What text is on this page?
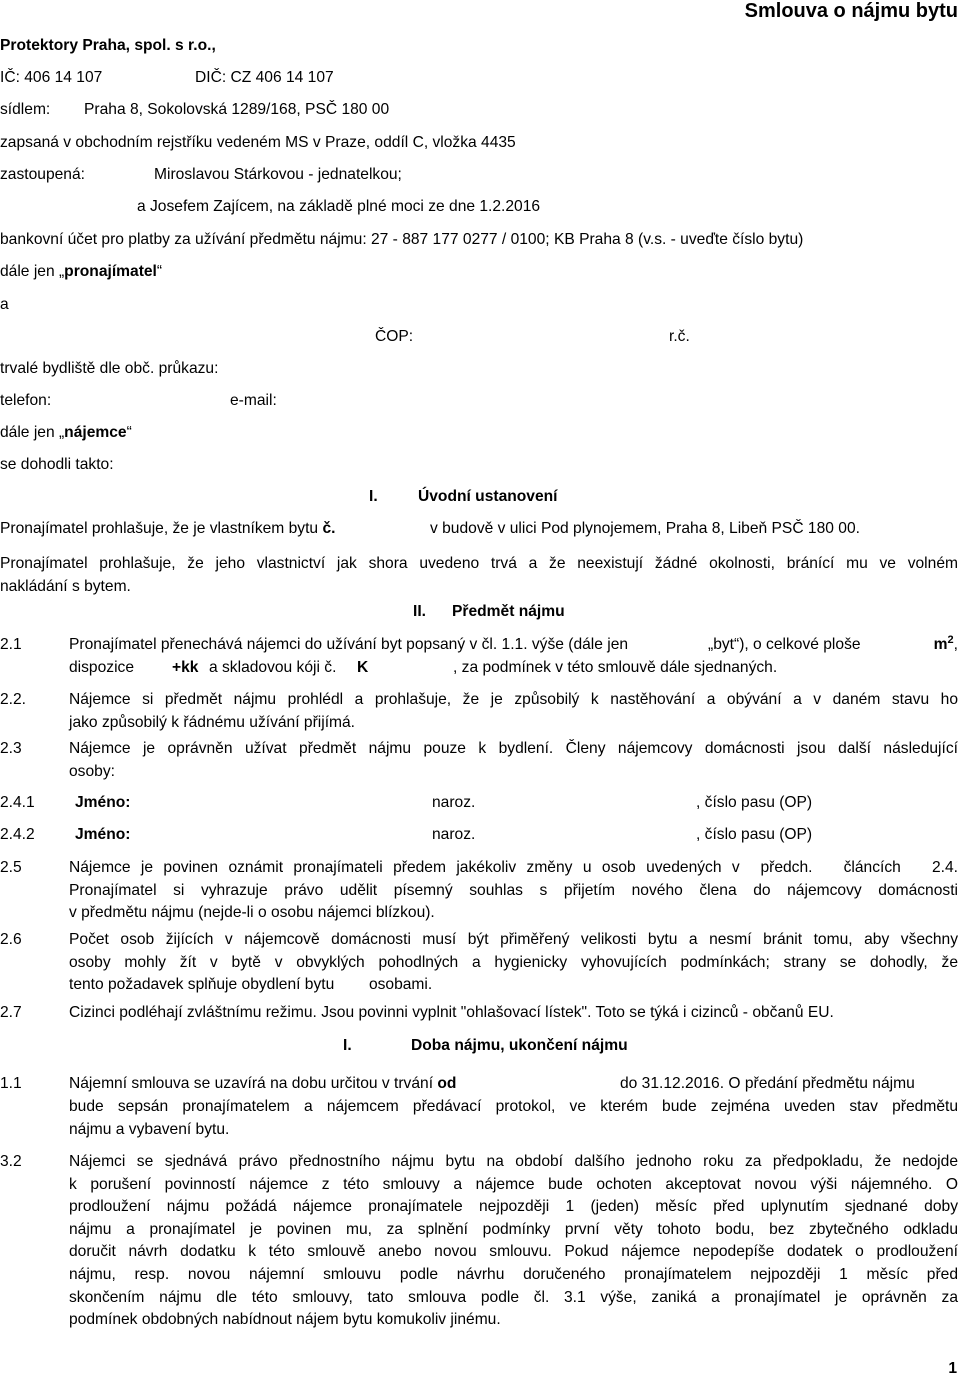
Smlouva o nájmu bytu
Protektory Praha, spol. s r.o.,
IČ: 406 14 107	DIČ: CZ 406 14 107
sídlem: Praha 8, Sokolovská 1289/168, PSČ 180 00
zapsaná v obchodním rejstříku vedeném MS v Praze, oddíl C, vložka 4435
zastoupená:	Miroslavou Stárkovou - jednatelkou;
a Josefem Zajícem, na základě plné moci ze dne 1.2.2016
bankovní účet pro platby za užívání předmětu nájmu: 27 - 887 177 0277 / 0100; KB Praha 8 (v.s. - uveďte číslo bytu)
dále jen „pronajímatel“
a
ČOP:	r.č.
trvalé bydliště dle obč. průkazu:
telefon:	e-mail:
dále jen „nájemce“
se dohodli takto:
I.	Úvodní ustanovení
Pronajímatel prohlašuje, že je vlastníkem bytu č.	v budově v ulici Pod plynojemem, Praha 8, Libeň PSČ 180 00.
Pronajímatel prohlašuje, že jeho vlastnictví jak shora uvedeno trvá a že neexistují žádné okolnosti, bránící mu ve volném
nakládání s bytem.
II. Předmět nájmu
2.1	Pronajímatel přenechává nájemci do užívání byt popsaný v čl. 1.1. výše (dále jen	„byt“), o celkové ploše	$m^2$,
dispozice +kk a skladovou kóji č. K	, za podmínek v této smlouvě dále sjednaných.
2.2.	Nájemce si předmět nájmu prohlédl a prohlašuje, že je způsobilý k nastěhování a obývání a v daném stavu ho
jako způsobilý k řádnému užívání přijímá.
2.3	Nájemce je oprávněn užívat předmět nájmu pouze k bydlení. Členy nájemcovy domácnosti jsou další následující
osoby:
2.4.1	Jméno:	naroz.	, číslo pasu (OP)
2.4.2	Jméno:	naroz.	, číslo pasu (OP)
2.5	Nájemce je povinen oznámit pronajímateli předem jakékoliv změny u osob uvedených v  předch.   článcích   2.4.
Pronajímatel si vyhrazuje právo udělit písemný souhlas s přijetím nového člena do nájemcovy domácnosti
v předmětu nájmu (nejde-li o osobu nájemci blízkou).
2.6	Počet osob žijících v nájemcově domácnosti musí být přiměřený velikosti bytu a nesmí bránit tomu, aby všechny
osoby mohly žít v bytě v obvyklých pohodlných a hygienicky vyhovujících podmínkách; strany se dohodly, že
tento požadavek splňuje obydlení bytu        osobami.
2.7	Cizinci podléhají zvláštnímu režimu. Jsou povinni vyplnit "ohlašovací lístek". Toto se týká i cizinců - občanů EU.
I.	Doba nájmu, ukončení nájmu
1.1	Nájemní smlouva se uzavírá na dobu určitou v trvání od	do 31.12.2016. O předání předmětu nájmu
bude sepsán pronajímatelem a nájemcem předávací protokol, ve kterém bude zejména uveden stav předmětu
nájmu a vybavení bytu.
3.2	Nájemci se sjednává právo přednostního nájmu bytu na období dalšího jednoho roku za předpokladu, že nedojde
k porušení povinností nájemce z této smlouvy a nájemce bude ochoten akceptovat novou výši nájemného. O
prodloužení nájmu požádá nájemce pronajímatele nejpozději 1 (jeden) měsíc před uplynutím sjednané doby
nájmu a pronajímatel je povinen mu, za splnění podmínky první věty tohoto bodu, bez zbytečného odkladu
doručit návrh dodatku k této smlouvě anebo novou smlouvu. Pokud nájemce nepodepíše dodatek o prodloužení
nájmu, resp. novou nájemní smlouvu podle návrhu doručeného pronajímatelem nejpozději 1 měsíc před
skončením nájmu dle této smlouvy, tato smlouva podle čl. 3.1 výše, zaniká a pronajímatel je oprávněn za
podmínek obdobných nabídnout nájem bytu komukoliv jinému.
1
